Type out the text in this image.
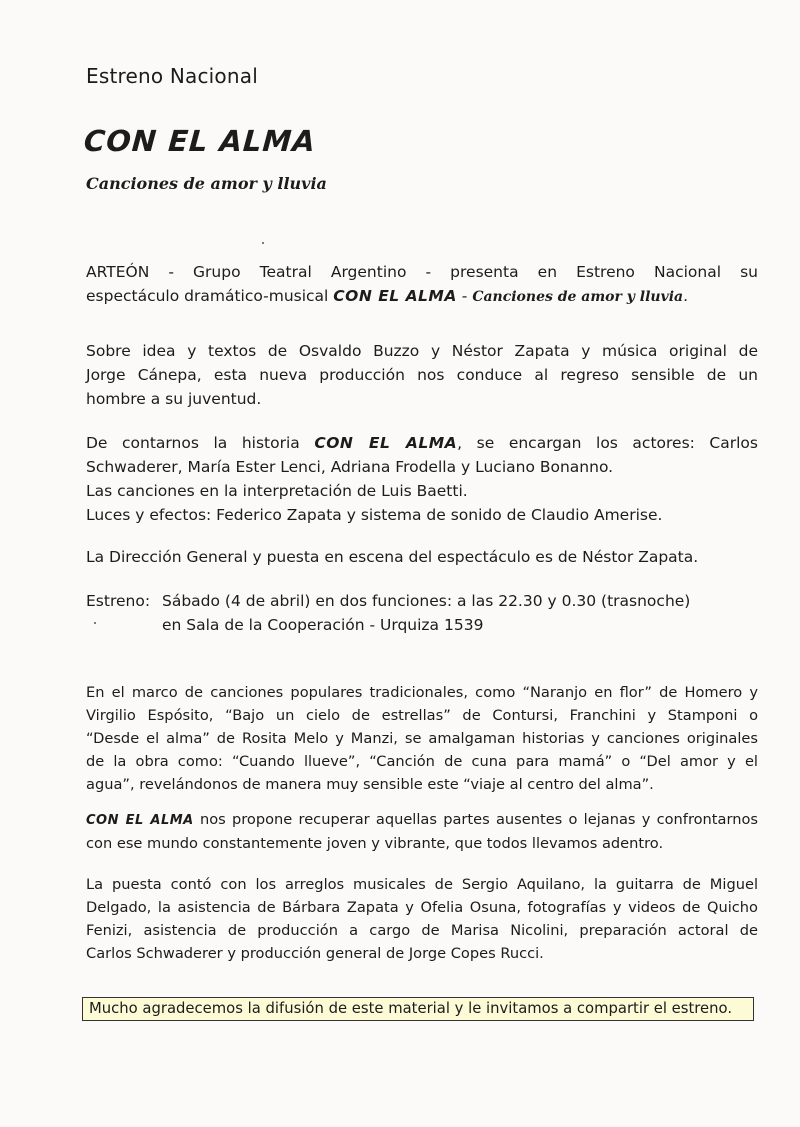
Estreno Nacional
CON EL ALMA
Canciones de amor y lluvia
ARTEÓN - Grupo Teatral Argentino - presenta en Estreno Nacional su
espectáculo dramático-musical CON EL ALMA - Canciones de amor y lluvia.
Sobre idea y textos de Osvaldo Buzzo y Néstor Zapata y música original de
Jorge Cánepa, esta nueva producción nos conduce al regreso sensible de un
hombre a su juventud.
De contarnos la historia CON EL ALMA, se encargan los actores: Carlos
Schwaderer, María Ester Lenci, Adriana Frodella y Luciano Bonanno.
Las canciones en la interpretación de Luis Baetti.
Luces y efectos: Federico Zapata y sistema de sonido de Claudio Amerise.
La Dirección General y puesta en escena del espectáculo es de Néstor Zapata.
Estreno: Sábado (4 de abril) en dos funciones: a las 22.30 y 0.30 (trasnoche)
en Sala de la Cooperación - Urquiza 1539
En el marco de canciones populares tradicionales, como “Naranjo en flor” de Homero y
Virgilio Espósito, “Bajo un cielo de estrellas” de Contursi, Franchini y Stamponi o
“Desde el alma” de Rosita Melo y Manzi, se amalgaman historias y canciones originales
de la obra como: “Cuando llueve”, “Canción de cuna para mamá” o “Del amor y el
agua”, revelándonos de manera muy sensible este “viaje al centro del alma”.
CON EL ALMA nos propone recuperar aquellas partes ausentes o lejanas y confrontarnos
con ese mundo constantemente joven y vibrante, que todos llevamos adentro.
La puesta contó con los arreglos musicales de Sergio Aquilano, la guitarra de Miguel
Delgado, la asistencia de Bárbara Zapata y Ofelia Osuna, fotografías y videos de Quicho
Fenizi, asistencia de producción a cargo de Marisa Nicolini, preparación actoral de
Carlos Schwaderer y producción general de Jorge Copes Rucci.
Mucho agradecemos la difusión de este material y le invitamos a compartir el estreno.
